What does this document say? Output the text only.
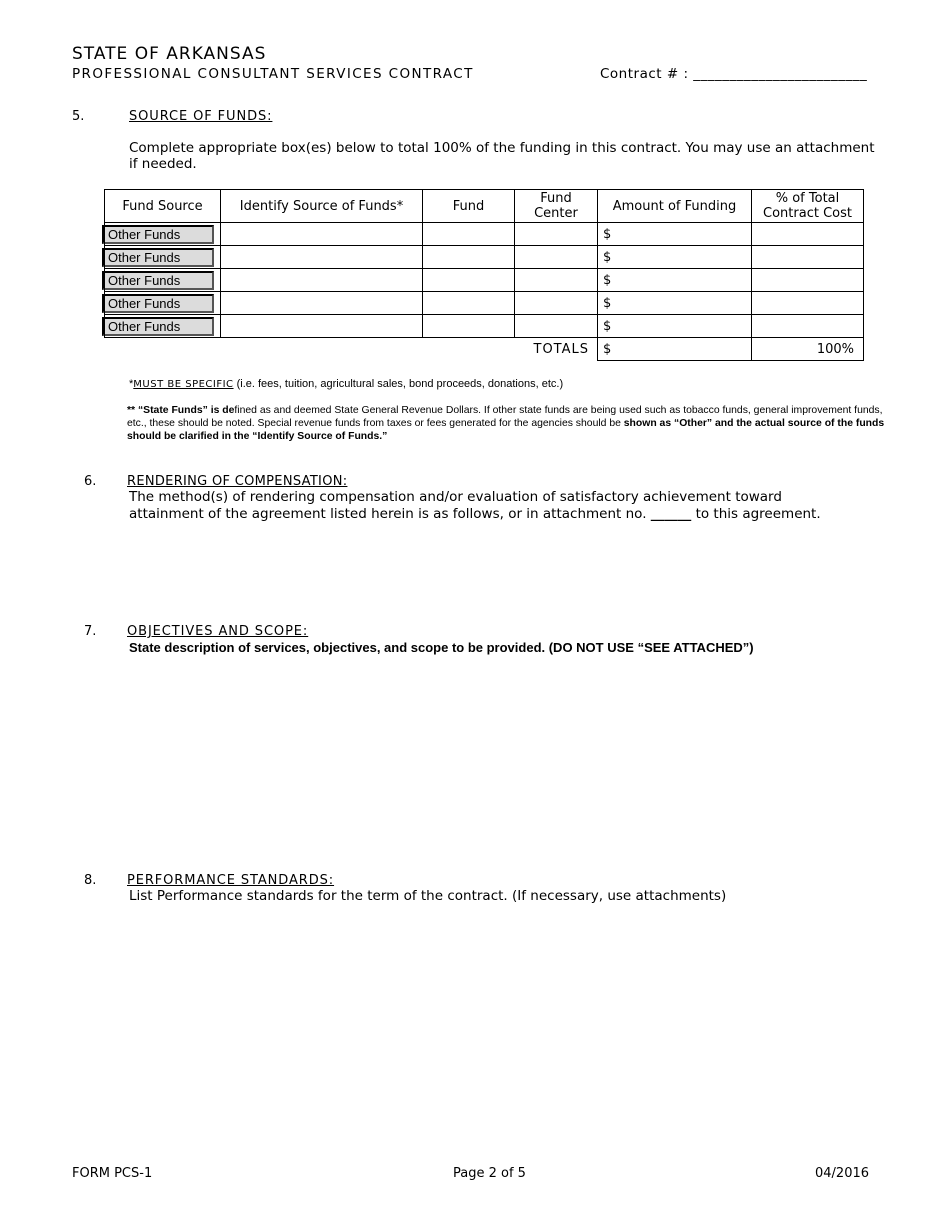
STATE OF ARKANSAS
PROFESSIONAL CONSULTANT SERVICES CONTRACT	Contract # : ________________________
5.	SOURCE OF FUNDS:
Complete appropriate box(es) below to total 100% of the funding in this contract. You may use an attachment if needed.
Fund Source	Identify Source of Funds*	Fund	Fund Center	Amount of Funding	% of Total Contract Cost

Other Funds				$	

Other Funds				$	

Other Funds				$	

Other Funds				$	

Other Funds				$	
TOTALS				$	100%
*MUST BE SPECIFIC (i.e. fees, tuition, agricultural sales, bond proceeds, donations, etc.)
** “State Funds” is defined as and deemed State General Revenue Dollars. If other state funds are being used such as tobacco funds, general improvement funds, etc., these should be noted. Special revenue funds from taxes or fees generated for the agencies should be shown as “Other” and the actual source of the funds should be clarified in the “Identify Source of Funds.”
6. RENDERING OF COMPENSATION:
The method(s) of rendering compensation and/or evaluation of satisfactory achievement toward
attainment of the agreement listed herein is as follows, or in attachment no. ______ to this agreement.
7. OBJECTIVES AND SCOPE:
State description of services, objectives, and scope to be provided. (DO NOT USE “SEE ATTACHED”)
8. PERFORMANCE STANDARDS:
List Performance standards for the term of the contract. (If necessary, use attachments)
FORM PCS-1	Page 2 of 5	04/2016
